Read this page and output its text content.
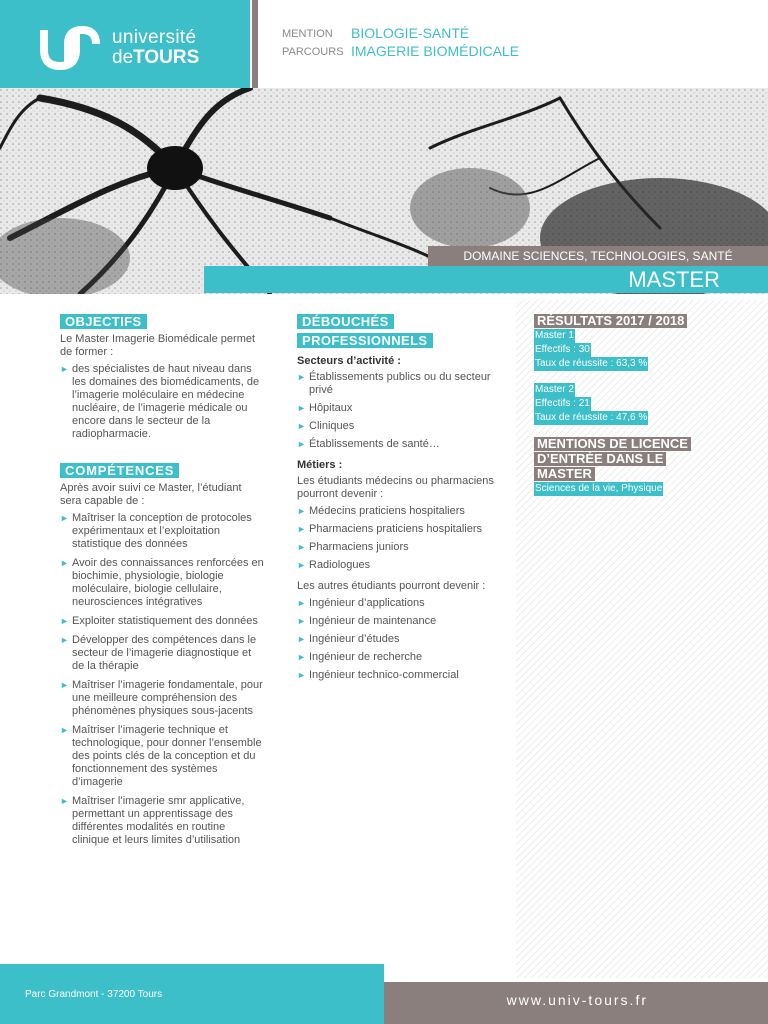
université
deTOURS
MENTION BIOLOGIE-SANTÉ
PARCOURS IMAGERIE BIOMÉDICALE
DOMAINE SCIENCES, TECHNOLOGIES, SANTÉ
MASTER
OBJECTIFS

Le Master Imagerie Biomédicale permet de former :

► des spécialistes de haut niveau dans les domaines des biomédicaments, de l’imagerie moléculaire en médecine nucléaire, de l’imagerie médicale ou encore dans le secteur de la radiopharmacie.
COMPÉTENCES

Après avoir suivi ce Master, l’étudiant sera capable de :

► Maîtriser la conception de protocoles expérimentaux et l’exploitation statistique des données
► Avoir des connaissances renforcées en biochimie, physiologie, biologie moléculaire, biologie cellulaire, neurosciences intégratives
► Exploiter statistiquement des données
► Développer des compétences dans le secteur de l’imagerie diagnostique et de la thérapie
► Maîtriser l’imagerie fondamentale, pour une meilleure compréhension des phénomènes physiques sous-jacents
► Maîtriser l’imagerie technique et technologique, pour donner l’ensemble des points clés de la conception et du fonctionnement des systèmes d’imagerie
► Maîtriser l’imagerie smr applicative, permettant un apprentissage des différentes modalités en routine clinique et leurs limites d’utilisation
DÉBOUCHÉS
PROFESSIONNELS
Secteurs d’activité :
► Établissements publics ou du secteur privé
► Hôpitaux
► Cliniques
► Établissements de santé…
Métiers :

Les étudiants médecins ou pharmaciens pourront devenir :

► Médecins praticiens hospitaliers
► Pharmaciens praticiens hospitaliers
► Pharmaciens juniors
► Radiologues

Les autres étudiants pourront devenir :

► Ingénieur d’applications
► Ingénieur de maintenance
► Ingénieur d’études
► Ingénieur de recherche
► Ingénieur technico-commercial
RÉSULTATS 2017 / 2018
Master 1
Effectifs : 30
Taux de réussite : 63,3 %

Master 2
Effectifs : 21
Taux de réussite : 47,6 %

MENTIONS DE LICENCE
D’ENTRÉE DANS LE
MASTER
Sciences de la vie, Physique
Parc Grandmont - 37200 Tours	www.univ-tours.fr
